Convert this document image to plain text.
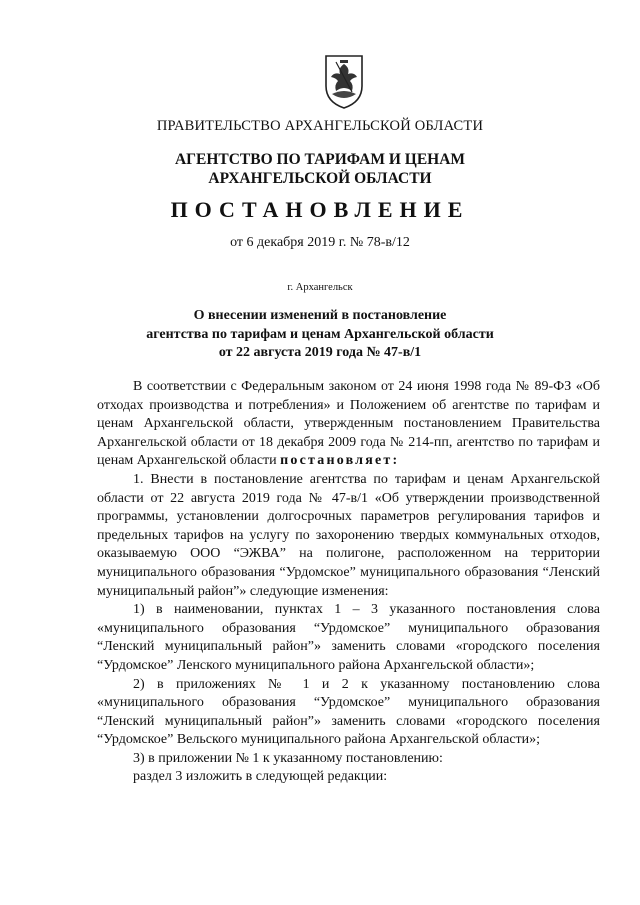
ПРАВИТЕЛЬСТВО АРХАНГЕЛЬСКОЙ ОБЛАСТИ
АГЕНТСТВО ПО ТАРИФАМ И ЦЕНАМ
АРХАНГЕЛЬСКОЙ ОБЛАСТИ
ПОСТАНОВЛЕНИЕ
от 6 декабря 2019 г. № 78-в/12
г. Архангельск
О внесении изменений в постановление
агентства по тарифам и ценам Архангельской области
от 22 августа 2019 года № 47-в/1

В соответствии с Федеральным законом от 24 июня 1998 года № 89-ФЗ «Об отходах производства и потребления» и Положением об агентстве по тарифам и ценам Архангельской области, утвержденным постановлением Правительства Архангельской области от 18 декабря 2009 года № 214-пп, агентство по тарифам и ценам Архангельской области постановляет:

1. Внести в постановление агентства по тарифам и ценам Архангельской области от 22 августа 2019 года № 47-в/1 «Об утверждении производственной программы, установлении долгосрочных параметров регулирования тарифов и предельных тарифов на услугу по захоронению твердых коммунальных отходов, оказываемую ООО “ЭЖВА” на полигоне, расположенном на территории муниципального образования “Урдомское” муниципального образования “Ленский муниципальный район”» следующие изменения:

1) в наименовании, пунктах 1 – 3 указанного постановления слова «муниципального образования “Урдомское” муниципального образования “Ленский муниципальный район”» заменить словами «городского поселения “Урдомское” Ленского муниципального района Архангельской области»;

2) в приложениях № 1 и 2 к указанному постановлению слова «муниципального образования “Урдомское” муниципального образования “Ленский муниципальный район”» заменить словами «городского поселения “Урдомское” Вельского муниципального района Архангельской области»;

3) в приложении № 1 к указанному постановлению:

раздел 3 изложить в следующей редакции:
